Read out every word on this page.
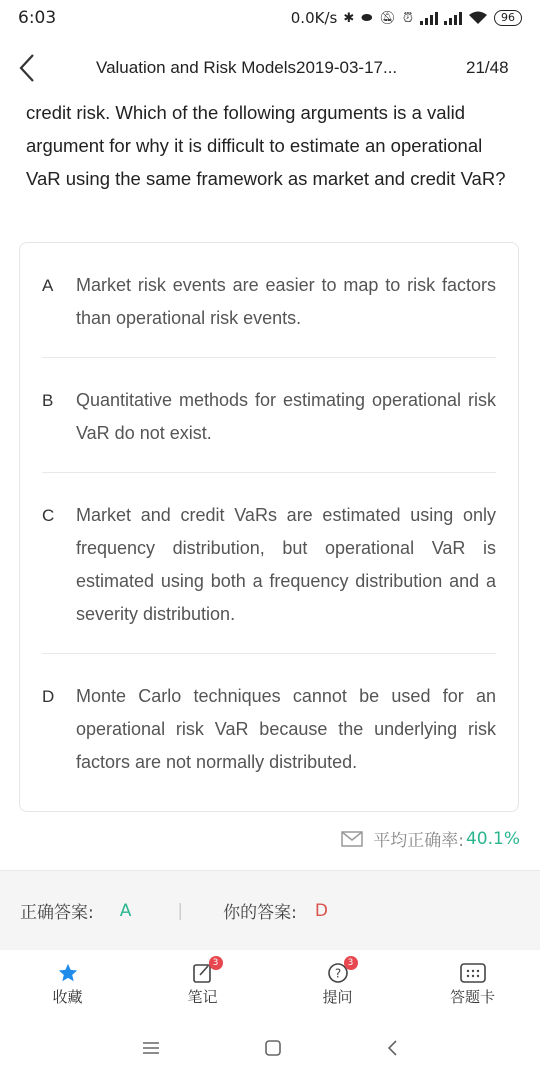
6:03	0.0K/s ✱ ⬬ 🔕︎ ⏰︎	96
Valuation and Risk Models2019-03-17...	21/48
credit risk. Which of the following arguments is a valid argument for why it is difficult to estimate an operational VaR using the same framework as market and credit VaR?
A	Market risk events are easier to map to risk factors than operational risk events.
B	Quantitative methods for estimating operational risk VaR do not exist.
C	Market and credit VaRs are estimated using only frequency distribution, but operational VaR is estimated using both a frequency distribution and a severity distribution.
D	Monte Carlo techniques cannot be used for an operational risk VaR because the underlying risk factors are not normally distributed.
平均正确率: 40.1%
正确答案: A	| 你的答案: D
收藏
3
笔记
?
3
提问	答题卡
